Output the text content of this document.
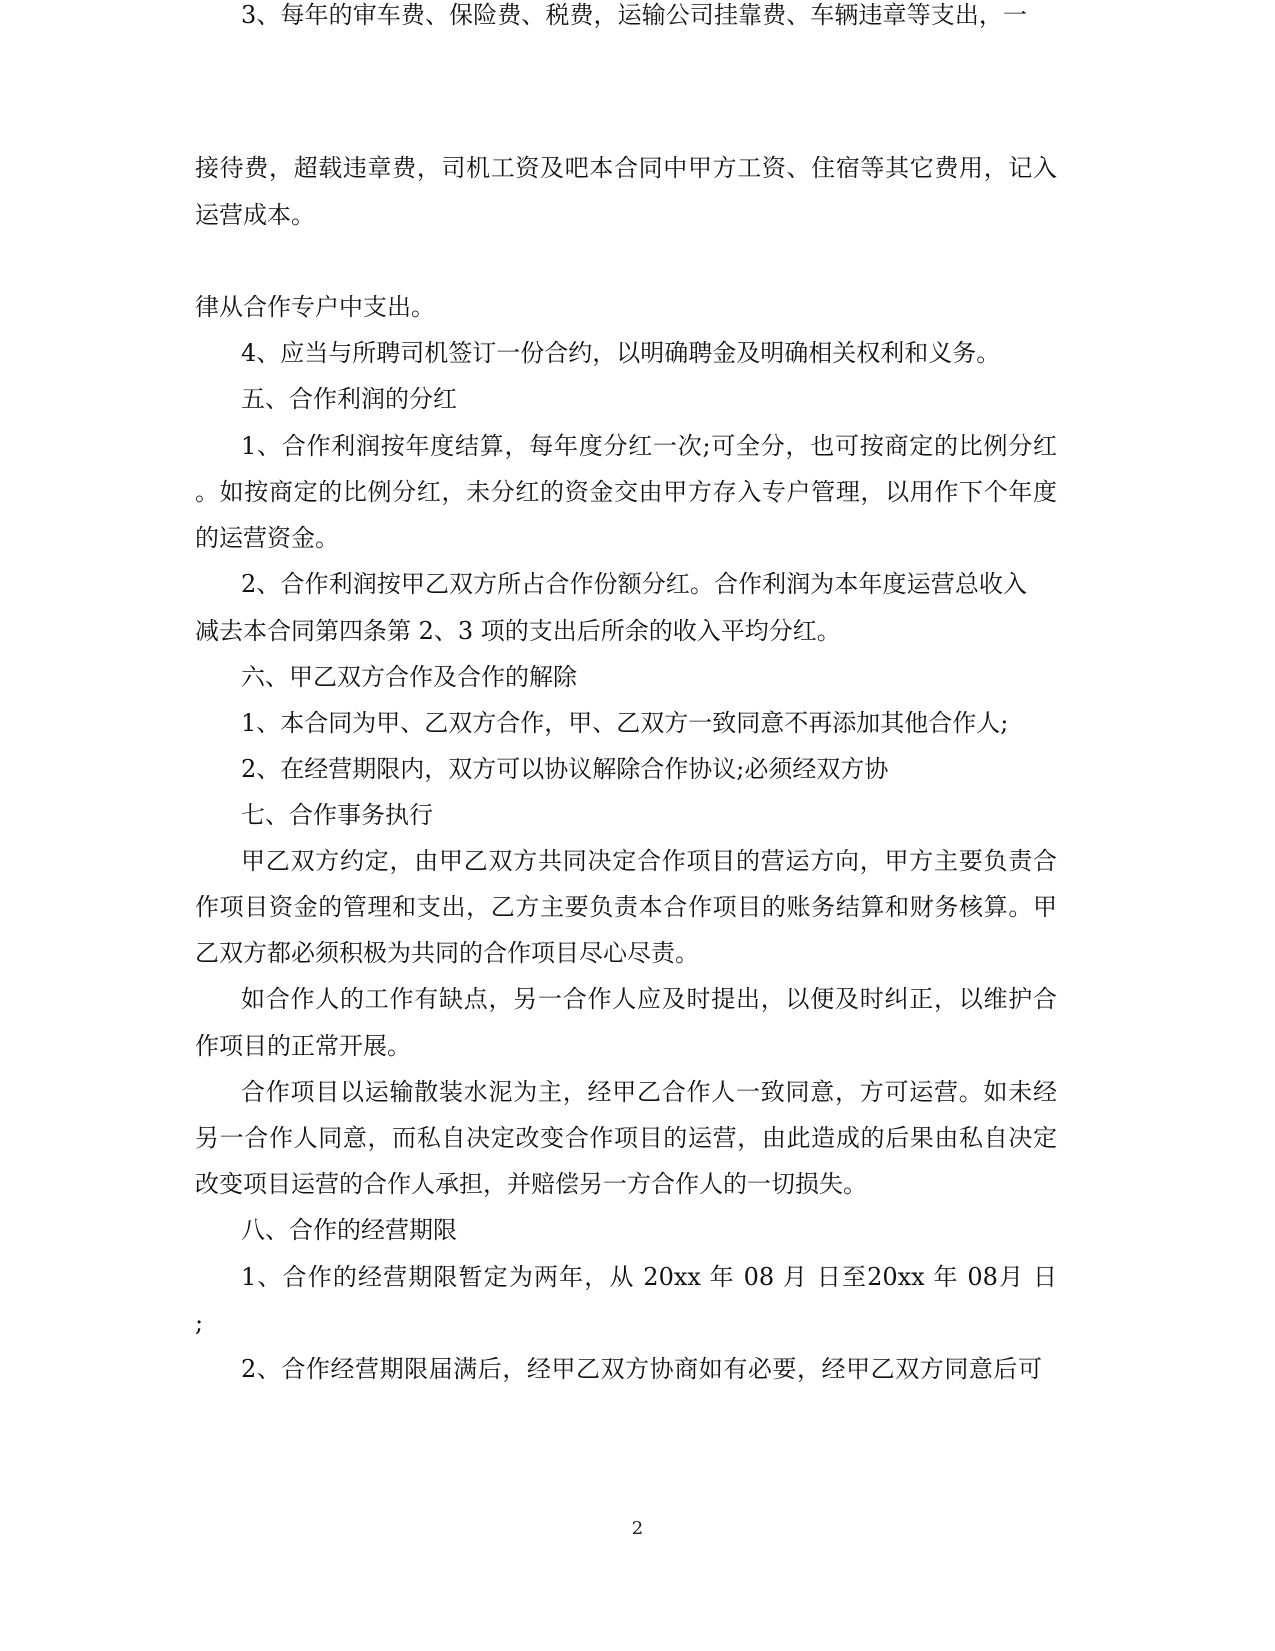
接待费，超载违章费，司机工资及吧本合同中甲方工资、住宿等其它费用，记入

运营成本。

3、每年的审车费、保险费、税费，运输公司挂靠费、车辆违章等支出，一

律从合作专户中支出。

4、应当与所聘司机签订一份合约，以明确聘金及明确相关权利和义务。

五、合作利润的分红

1、合作利润按年度结算，每年度分红一次;可全分，也可按商定的比例分红

。如按商定的比例分红，未分红的资金交由甲方存入专户管理，以用作下个年度

的运营资金。

2、合作利润按甲乙双方所占合作份额分红。合作利润为本年度运营总收入

减去本合同第四条第 2、3 项的支出后所余的收入平均分红。

六、甲乙双方合作及合作的解除

1、本合同为甲、乙双方合作，甲、乙双方一致同意不再添加其他合作人;

2、在经营期限内，双方可以协议解除合作协议;必须经双方协

七、合作事务执行

甲乙双方约定，由甲乙双方共同决定合作项目的营运方向，甲方主要负责合

作项目资金的管理和支出，乙方主要负责本合作项目的账务结算和财务核算。甲

乙双方都必须积极为共同的合作项目尽心尽责。

如合作人的工作有缺点，另一合作人应及时提出，以便及时纠正，以维护合

作项目的正常开展。

合作项目以运输散装水泥为主，经甲乙合作人一致同意，方可运营。如未经

另一合作人同意，而私自决定改变合作项目的运营，由此造成的后果由私自决定

改变项目运营的合作人承担，并赔偿另一方合作人的一切损失。

八、合作的经营期限

1、合作的经营期限暂定为两年，从 20xx 年 08 月 日至20xx 年 08月 日

;

2、合作经营期限届满后，经甲乙双方协商如有必要，经甲乙双方同意后可

2
